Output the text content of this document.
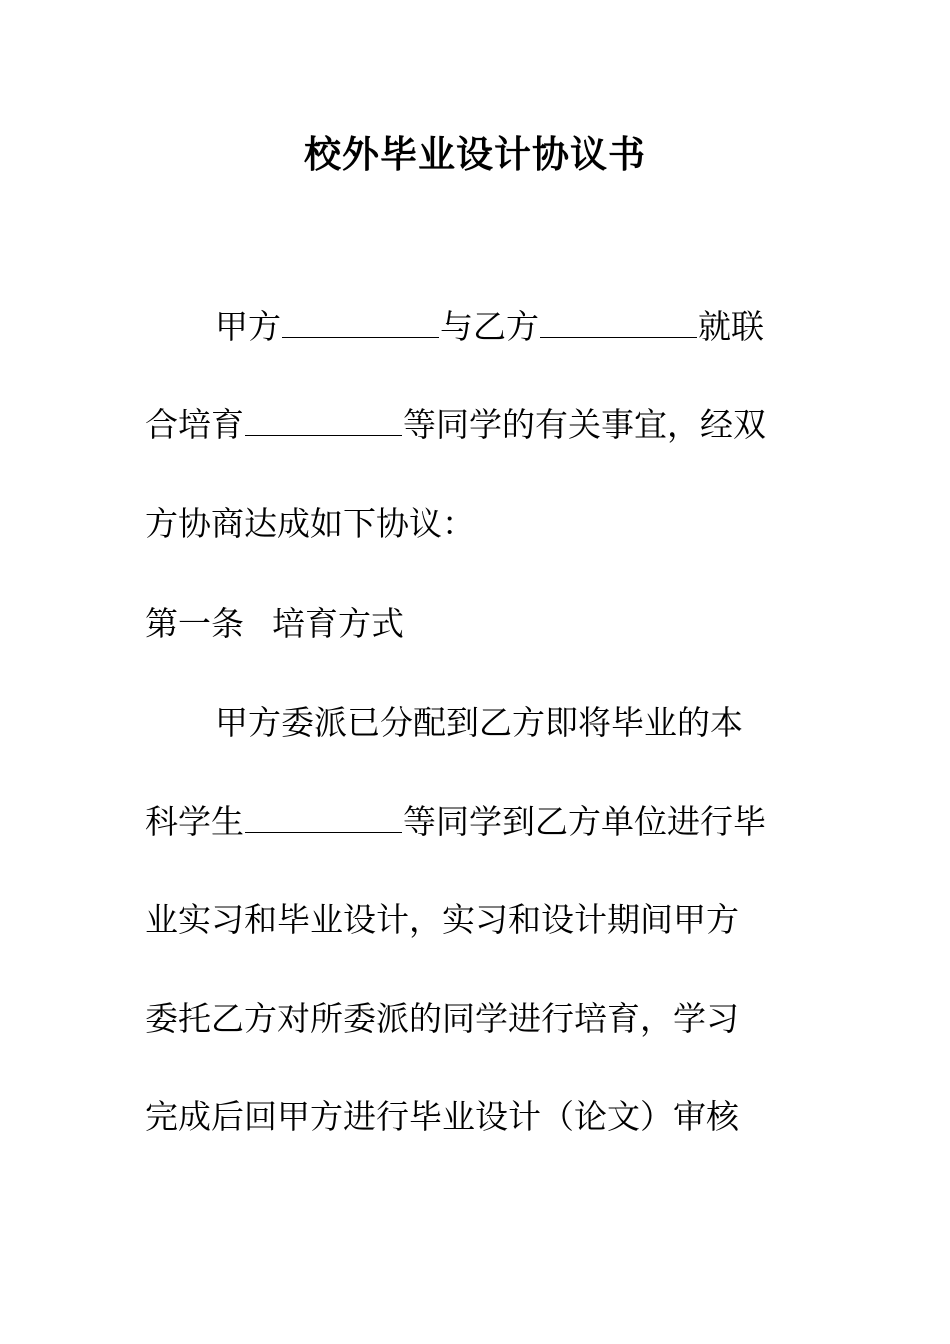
校外毕业设计协议书
甲方	与乙方	就联
合培育	等同学的有关事宜，经双
方协商达成如下协议：
第一条 培育方式
甲方委派已分配到乙方即将毕业的本
科学生	等同学到乙方单位进行毕
业实习和毕业设计，实习和设计期间甲方
委托乙方对所委派的同学进行培育，学习
完成后回甲方进行毕业设计（论文）审核
